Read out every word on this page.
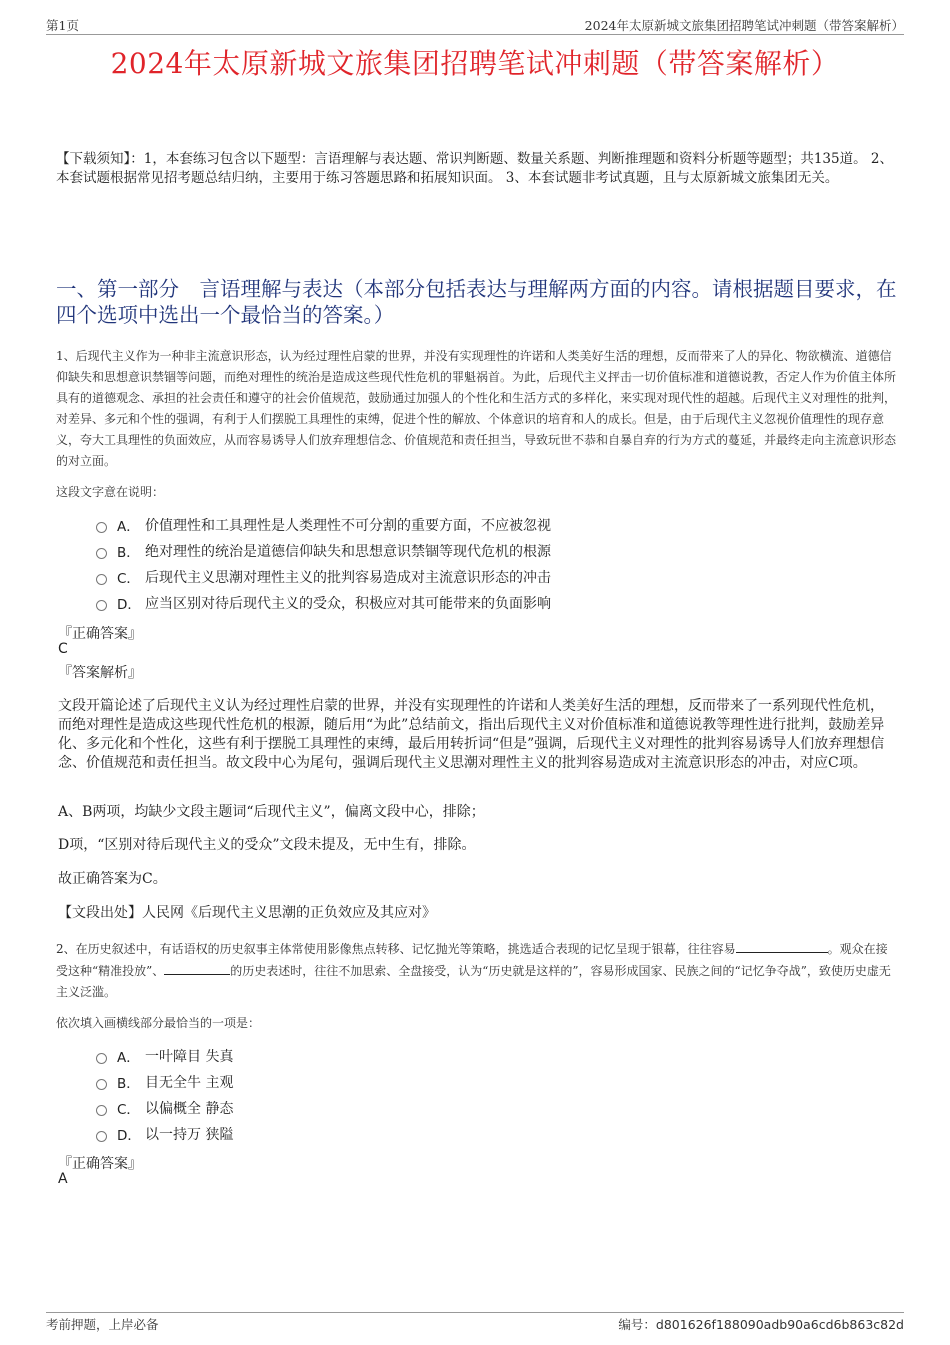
第1页	2024年太原新城文旅集团招聘笔试冲刺题（带答案解析）
2024年太原新城文旅集团招聘笔试冲刺题（带答案解析）
【下载须知】：1，本套练习包含以下题型：言语理解与表达题、常识判断题、数量关系题、判断推理题和资料分析题等题型；共135道。 2、本套试题根据常见招考题总结归纳，主要用于练习答题思路和拓展知识面。 3、本套试题非考试真题，且与太原新城文旅集团无关。
一、第一部分　言语理解与表达（本部分包括表达与理解两方面的内容。请根据题目要求，在四个选项中选出一个最恰当的答案。）
1、后现代主义作为一种非主流意识形态，认为经过理性启蒙的世界，并没有实现理性的许诺和人类美好生活的理想，反而带来了人的异化、物欲横流、道德信仰缺失和思想意识禁锢等问题，而绝对理性的统治是造成这些现代性危机的罪魁祸首。为此，后现代主义抨击一切价值标准和道德说教，否定人作为价值主体所具有的道德观念、承担的社会责任和遵守的社会价值规范，鼓励通过加强人的个性化和生活方式的多样化，来实现对现代性的超越。后现代主义对理性的批判，对差异、多元和个性的强调，有利于人们摆脱工具理性的束缚，促进个性的解放、个体意识的培育和人的成长。但是，由于后现代主义忽视价值理性的现存意义，夸大工具理性的负面效应，从而容易诱导人们放弃理想信念、价值规范和责任担当，导致玩世不恭和自暴自弃的行为方式的蔓延，并最终走向主流意识形态的对立面。
这段文字意在说明：
A． 价值理性和工具理性是人类理性不可分割的重要方面，不应被忽视
B． 绝对理性的统治是道德信仰缺失和思想意识禁锢等现代危机的根源
C． 后现代主义思潮对理性主义的批判容易造成对主流意识形态的冲击
D． 应当区别对待后现代主义的受众，积极应对其可能带来的负面影响
『正确答案』
C
『答案解析』
文段开篇论述了后现代主义认为经过理性启蒙的世界，并没有实现理性的许诺和人类美好生活的理想，反而带来了一系列现代性危机，而绝对理性是造成这些现代性危机的根源，随后用“为此”总结前文，指出后现代主义对价值标准和道德说教等理性进行批判，鼓励差异化、多元化和个性化，这些有利于摆脱工具理性的束缚，最后用转折词“但是”强调，后现代主义对理性的批判容易诱导人们放弃理想信念、价值规范和责任担当。故文段中心为尾句，强调后现代主义思潮对理性主义的批判容易造成对主流意识形态的冲击，对应C项。
A、B两项，均缺少文段主题词“后现代主义”，偏离文段中心，排除；
D项，“区别对待后现代主义的受众”文段未提及，无中生有，排除。
故正确答案为C。
【文段出处】人民网《后现代主义思潮的正负效应及其应对》
2、在历史叙述中，有话语权的历史叙事主体常使用影像焦点转移、记忆抛光等策略，挑选适合表现的记忆呈现于银幕，往往容易	。观众在接受这种“精准投放”、	的历史表述时，往往不加思索、全盘接受，认为“历史就是这样的”，容易形成国家、民族之间的“记忆争夺战”，致使历史虚无主义泛滥。
依次填入画横线部分最恰当的一项是：
A． 一叶障目 失真
B． 目无全牛 主观
C． 以偏概全 静态
D． 以一持万 狭隘
『正确答案』
A
考前押题，上岸必备	编号：d801626f188090adb90a6cd6b863c82d
